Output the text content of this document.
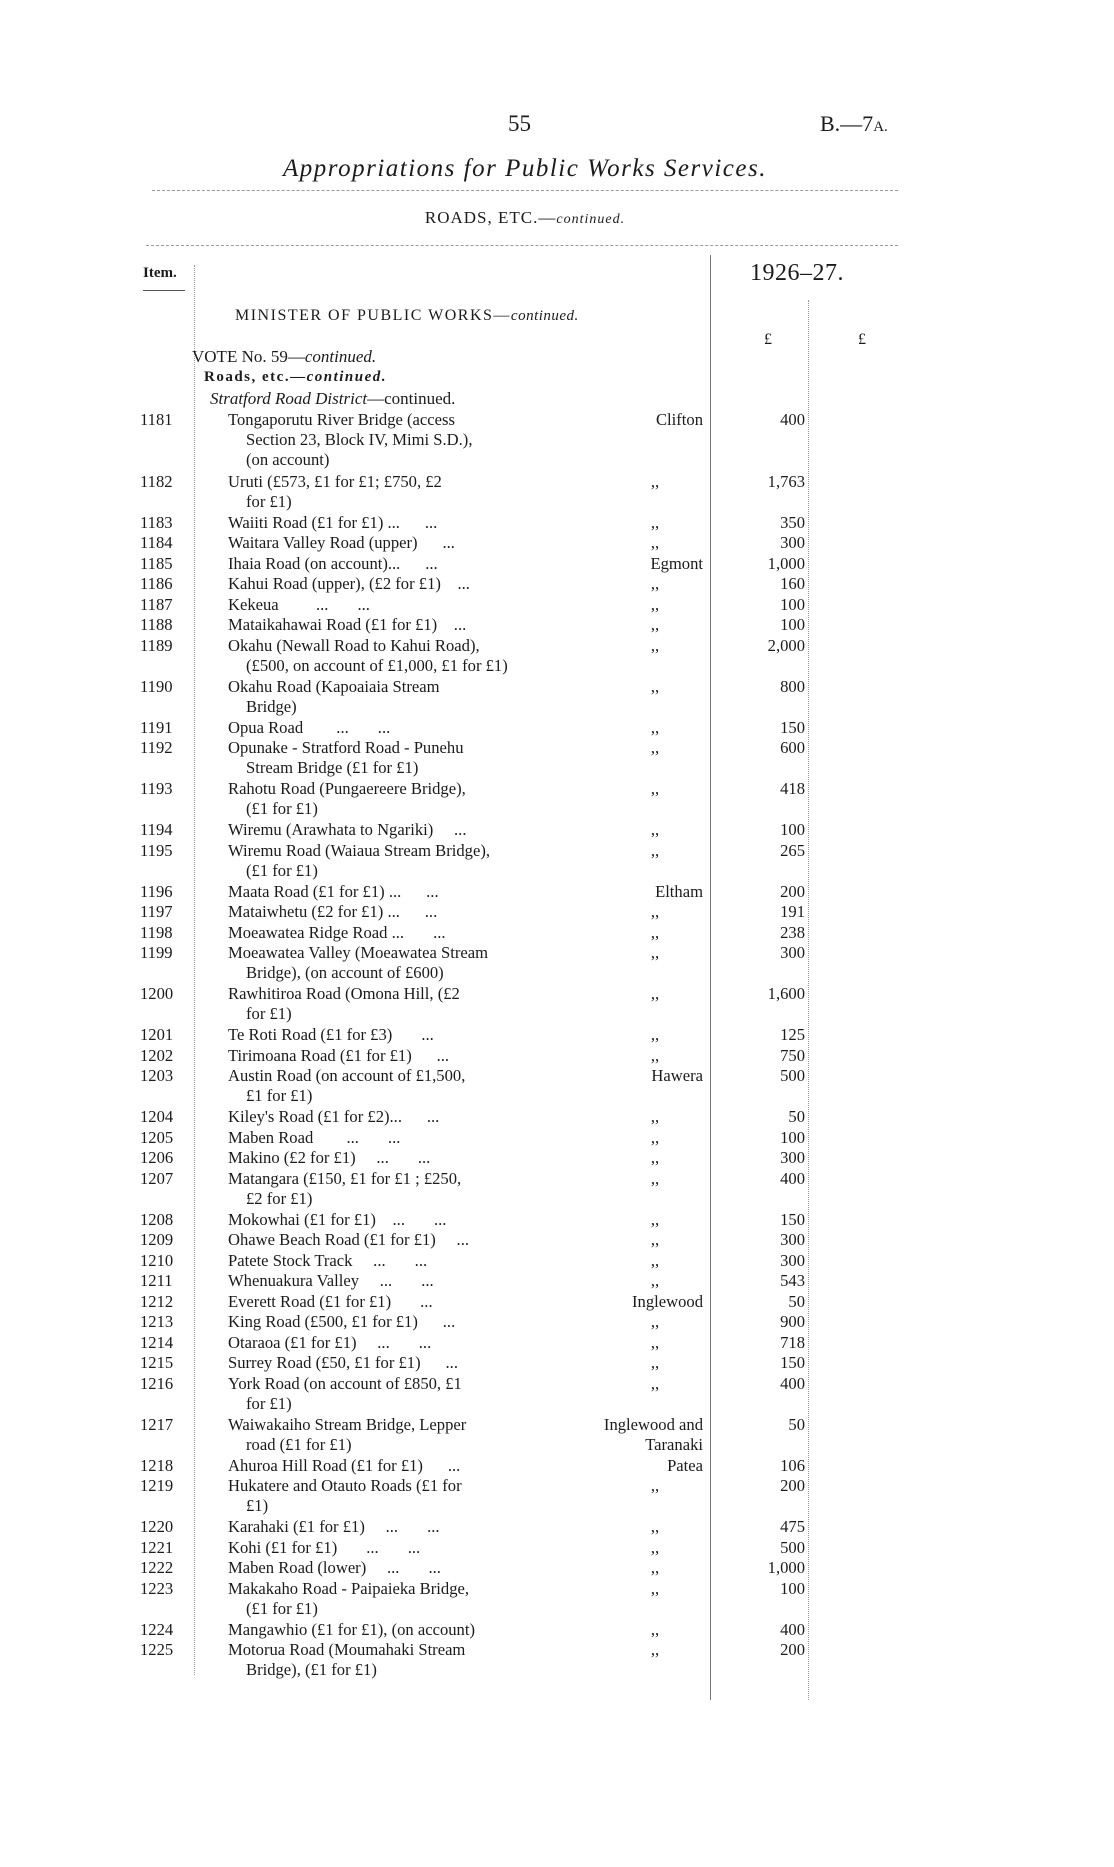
55	B.—7A.
Appropriations for Public Works Services.
ROADS, ETC.—continued.
Item.	1926–27.
£	£
MINISTER OF PUBLIC WORKS—continued.
VOTE No. 59—continued.
Roads, etc.—continued.
Stratford Road District—continued.
1181	Tongaporutu River Bridge (access
Section 23, Block IV, Mimi S.D.),
(on account)
Clifton	400
1182	Uruti (£573, £1 for £1; £750, £2
for £1)
,,	1,763
1183	Waiiti Road (£1 for £1) ...      ...	,,	350
1184	Waitara Valley Road (upper)      ...	,,	300
1185	Ihaia Road (on account)...      ...	Egmont	1,000
1186	Kahui Road (upper), (£2 for £1)    ...	,,	160
1187	Kekeua         ...       ...	,,	100
1188	Mataikahawai Road (£1 for £1)    ...	,,	100
1189	Okahu (Newall Road to Kahui Road),
(£500, on account of £1,000, £1 for £1)
,,	2,000
1190	Okahu Road (Kapoaiaia Stream
Bridge)
,,	800
1191	Opua Road        ...       ...	,,	150
1192	Opunake - Stratford Road - Punehu
Stream Bridge (£1 for £1)
,,	600
1193	Rahotu Road (Pungaereere Bridge),
(£1 for £1)
,,	418
1194	Wiremu (Arawhata to Ngariki)     ...	,,	100
1195	Wiremu Road (Waiaua Stream Bridge),
(£1 for £1)
,,	265
1196	Maata Road (£1 for £1) ...      ...	Eltham	200
1197	Mataiwhetu (£2 for £1) ...      ...	,,	191
1198	Moeawatea Ridge Road ...       ...	,,	238
1199	Moeawatea Valley (Moeawatea Stream
Bridge), (on account of £600)
,,	300
1200	Rawhitiroa Road (Omona Hill, (£2
for £1)
,,	1,600
1201	Te Roti Road (£1 for £3)       ...	,,	125
1202	Tirimoana Road (£1 for £1)      ...	,,	750
1203	Austin Road (on account of £1,500,
£1 for £1)
Hawera	500
1204	Kiley's Road (£1 for £2)...      ...	,,	50
1205	Maben Road        ...       ...	,,	100
1206	Makino (£2 for £1)     ...       ...	,,	300
1207	Matangara (£150, £1 for £1 ; £250,
£2 for £1)
,,	400
1208	Mokowhai (£1 for £1)    ...       ...	,,	150
1209	Ohawe Beach Road (£1 for £1)     ...	,,	300
1210	Patete Stock Track     ...       ...	,,	300
1211	Whenuakura Valley     ...       ...	,,	543
1212	Everett Road (£1 for £1)       ...	Inglewood	50
1213	King Road (£500, £1 for £1)      ...	,,	900
1214	Otaraoa (£1 for £1)     ...       ...	,,	718
1215	Surrey Road (£50, £1 for £1)      ...	,,	150
1216	York Road (on account of £850, £1
for £1)
,,	400
1217	Waiwakaiho Stream Bridge, Lepper
road (£1 for £1)
Inglewood and
Taranaki
50
1218	Ahuroa Hill Road (£1 for £1)      ...	Patea	106
1219	Hukatere and Otauto Roads (£1 for
£1)
,,	200
1220	Karahaki (£1 for £1)     ...       ...	,,	475
1221	Kohi (£1 for £1)       ...       ...	,,	500
1222	Maben Road (lower)     ...       ...	,,	1,000
1223	Makakaho Road - Paipaieka Bridge,
(£1 for £1)
,,	100
1224	Mangawhio (£1 for £1), (on account)	,,	400
1225	Motorua Road (Moumahaki Stream
Bridge), (£1 for £1)
,,	200
